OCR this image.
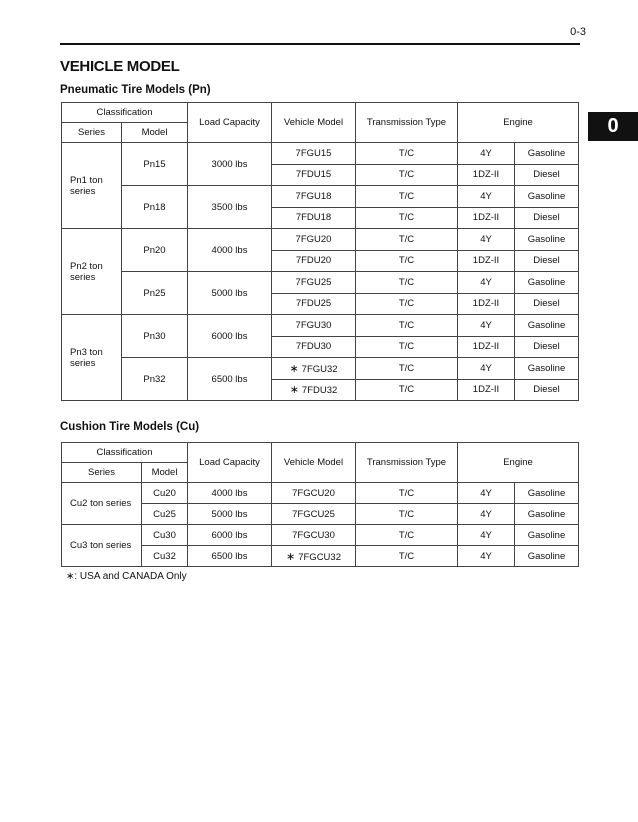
0-3
VEHICLE MODEL
0
Pneumatic Tire Models (Pn)
Classification		Load Capacity	Vehicle Model	Transmission Type	Engine	
Series	Model					
Pn1 ton series	Pn15	3000 lbs	7FGU15	T/C	4Y	Gasoline
			7FDU15	T/C	1DZ-II	Diesel
	Pn18	3500 lbs	7FGU18	T/C	4Y	Gasoline
			7FDU18	T/C	1DZ-II	Diesel
Pn2 ton series	Pn20	4000 lbs	7FGU20	T/C	4Y	Gasoline
			7FDU20	T/C	1DZ-II	Diesel
	Pn25	5000 lbs	7FGU25	T/C	4Y	Gasoline
			7FDU25	T/C	1DZ-II	Diesel
Pn3 ton series	Pn30	6000 lbs	7FGU30	T/C	4Y	Gasoline
			7FDU30	T/C	1DZ-II	Diesel
	Pn32	6500 lbs	∗ 7FGU32	T/C	4Y	Gasoline
			∗ 7FDU32	T/C	1DZ-II	Diesel
Cushion Tire Models (Cu)
Classification		Load Capacity	Vehicle Model	Transmission Type	Engine	
Series	Model					
Cu2 ton series	Cu20	4000 lbs	7FGCU20	T/C	4Y	Gasoline
	Cu25	5000 lbs	7FGCU25	T/C	4Y	Gasoline
Cu3 ton series	Cu30	6000 lbs	7FGCU30	T/C	4Y	Gasoline
	Cu32	6500 lbs	∗ 7FGCU32	T/C	4Y	Gasoline
∗: USA and CANADA Only
